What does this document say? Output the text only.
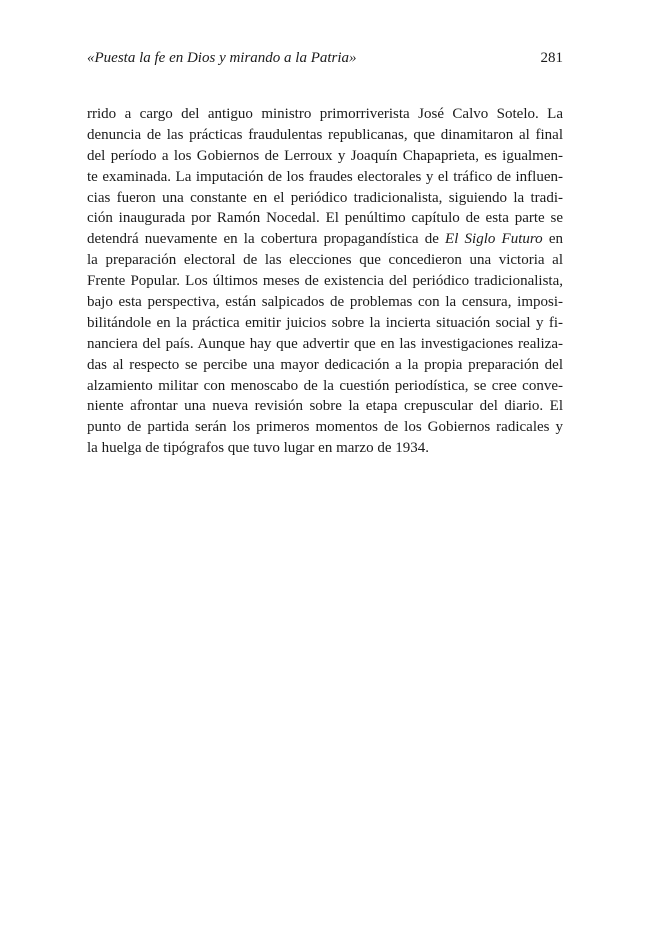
«Puesta la fe en Dios y mirando a la Patria»	281
rrido a cargo del antiguo ministro primorriverista José Calvo Sotelo. La
denuncia de las prácticas fraudulentas republicanas, que dinamitaron al final
del período a los Gobiernos de Lerroux y Joaquín Chapaprieta, es igualmen-
te examinada. La imputación de los fraudes electorales y el tráfico de influen-
cias fueron una constante en el periódico tradicionalista, siguiendo la tradi-
ción inaugurada por Ramón Nocedal. El penúltimo capítulo de esta parte se
detendrá nuevamente en la cobertura propagandística de El Siglo Futuro en
la preparación electoral de las elecciones que concedieron una victoria al
Frente Popular. Los últimos meses de existencia del periódico tradicionalista,
bajo esta perspectiva, están salpicados de problemas con la censura, imposi-
bilitándole en la práctica emitir juicios sobre la incierta situación social y fi-
nanciera del país. Aunque hay que advertir que en las investigaciones realiza-
das al respecto se percibe una mayor dedicación a la propia preparación del
alzamiento militar con menoscabo de la cuestión periodística, se cree conve-
niente afrontar una nueva revisión sobre la etapa crepuscular del diario. El
punto de partida serán los primeros momentos de los Gobiernos radicales y
la huelga de tipógrafos que tuvo lugar en marzo de 1934.
